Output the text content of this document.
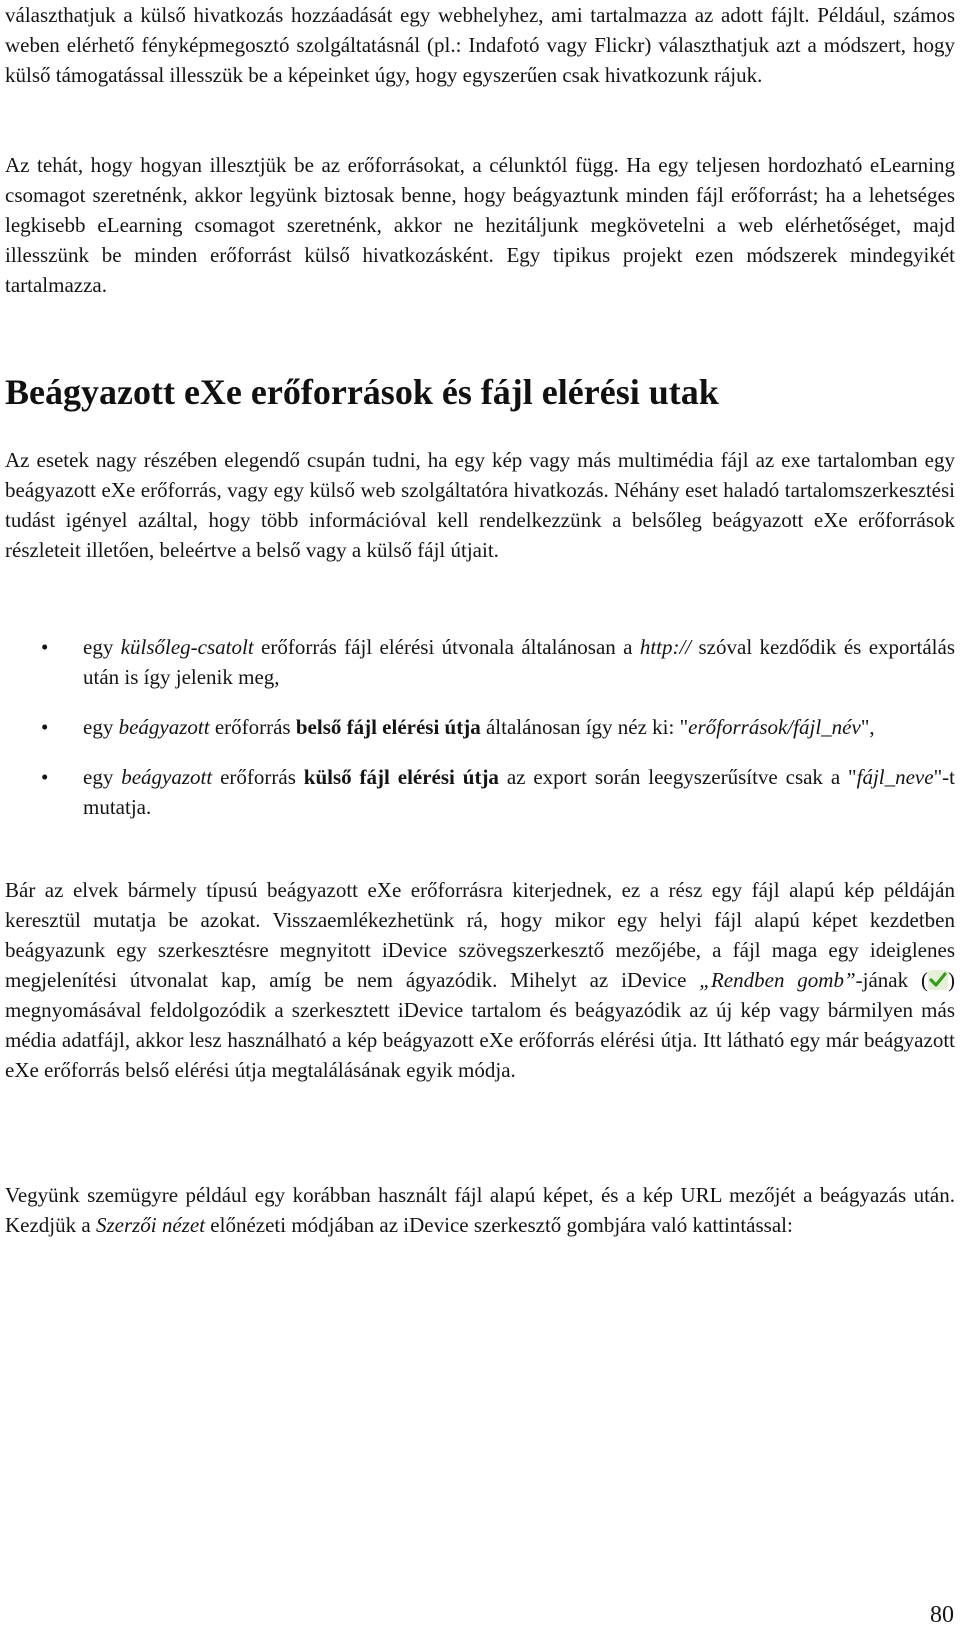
választhatjuk a külső hivatkozás hozzáadását egy webhelyhez, ami tartalmazza az adott fájlt. Például, számos weben elérhető fényképmegosztó szolgáltatásnál (pl.: Indafotó vagy Flickr) választhatjuk azt a módszert, hogy külső támogatással illesszük be a képeinket úgy, hogy egyszerűen csak hivatkozunk rájuk.

Az tehát, hogy hogyan illesztjük be az erőforrásokat, a célunktól függ. Ha egy teljesen hordozható eLearning csomagot szeretnénk, akkor legyünk biztosak benne, hogy beágyaztunk minden fájl erőforrást; ha a lehetséges legkisebb eLearning csomagot szeretnénk, akkor ne hezitáljunk megkövetelni a web elérhetőséget, majd illesszünk be minden erőforrást külső hivatkozásként. Egy tipikus projekt ezen módszerek mindegyikét tartalmazza.

Beágyazott eXe erőforrások és fájl elérési utak

Az esetek nagy részében elegendő csupán tudni, ha egy kép vagy más multimédia fájl az exe tartalomban egy beágyazott eXe erőforrás, vagy egy külső web szolgáltatóra hivatkozás. Néhány eset haladó tartalomszerkesztési tudást igényel azáltal, hogy több információval kell rendelkezzünk a belsőleg beágyazott eXe erőforrások részleteit illetően, beleértve a belső vagy a külső fájl útjait.

• egy külsőleg-csatolt erőforrás fájl elérési útvonala általánosan a http:// szóval kezdődik és exportálás után is így jelenik meg,
• egy beágyazott erőforrás belső fájl elérési útja általánosan így néz ki: "erőforrások/fájl_név",
• egy beágyazott erőforrás külső fájl elérési útja az export során leegyszerűsítve csak a "fájl_neve"-t mutatja.

Bár az elvek bármely típusú beágyazott eXe erőforrásra kiterjednek, ez a rész egy fájl alapú kép példáján keresztül mutatja be azokat. Visszaemlékezhetünk rá, hogy mikor egy helyi fájl alapú képet kezdetben beágyazunk egy szerkesztésre megnyitott iDevice szövegszerkesztő mezőjébe, a fájl maga egy ideiglenes megjelenítési útvonalat kap, amíg be nem ágyazódik. Mihelyt az iDevice „Rendben gomb”-jának ( ) megnyomásával feldolgozódik a szerkesztett iDevice tartalom és beágyazódik az új kép vagy bármilyen más média adatfájl, akkor lesz használható a kép beágyazott eXe erőforrás elérési útja. Itt látható egy már beágyazott eXe erőforrás belső elérési útja megtalálásának egyik módja.

Vegyünk szemügyre például egy korábban használt fájl alapú képet, és a kép URL mezőjét a beágyazás után. Kezdjük a Szerzői nézet előnézeti módjában az iDevice szerkesztő gombjára való kattintással:

80
